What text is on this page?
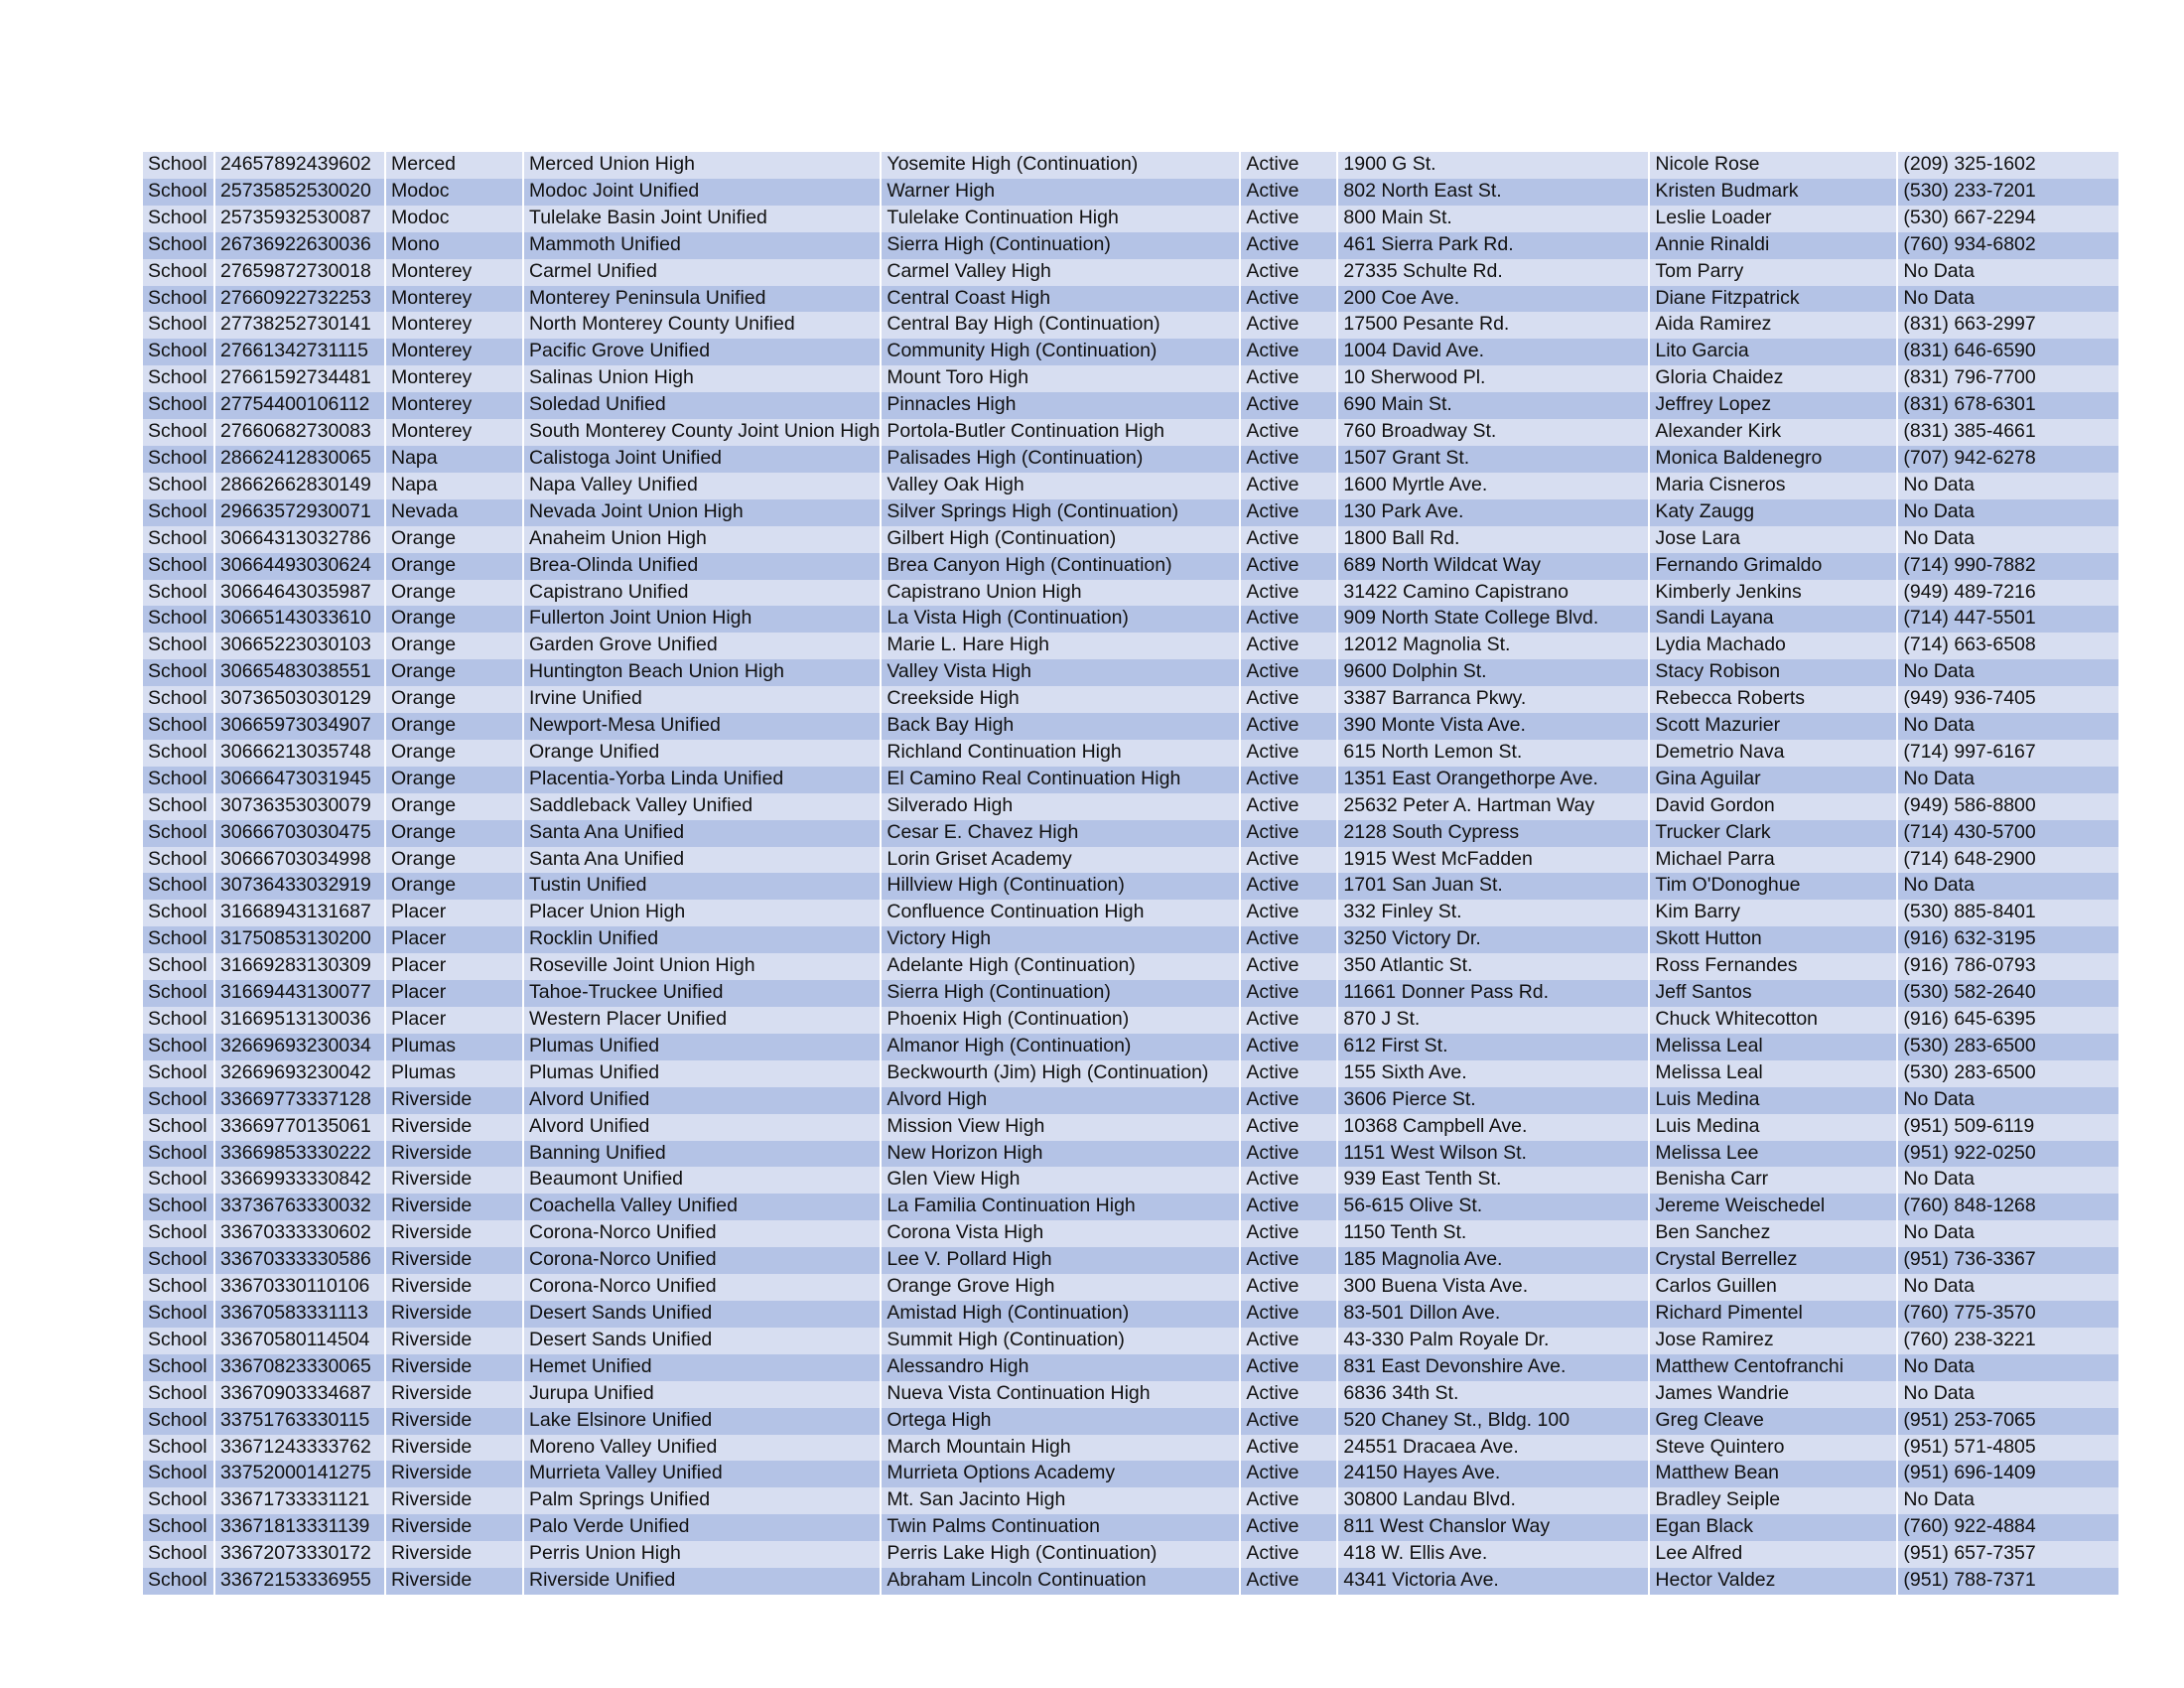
School	24657892439602	Merced	Merced Union High	Yosemite High (Continuation)	Active	1900 G St.	Nicole Rose	(209) 325-1602
School	25735852530020	Modoc	Modoc Joint Unified	Warner High	Active	802 North East St.	Kristen Budmark	(530) 233-7201
School	25735932530087	Modoc	Tulelake Basin Joint Unified	Tulelake Continuation High	Active	800 Main St.	Leslie Loader	(530) 667-2294
School	26736922630036	Mono	Mammoth Unified	Sierra High (Continuation)	Active	461 Sierra Park Rd.	Annie Rinaldi	(760) 934-6802
School	27659872730018	Monterey	Carmel Unified	Carmel Valley High	Active	27335 Schulte Rd.	Tom Parry	No Data
School	27660922732253	Monterey	Monterey Peninsula Unified	Central Coast High	Active	200 Coe Ave.	Diane Fitzpatrick	No Data
School	27738252730141	Monterey	North Monterey County Unified	Central Bay High (Continuation)	Active	17500 Pesante Rd.	Aida Ramirez	(831) 663-2997
School	27661342731115	Monterey	Pacific Grove Unified	Community High (Continuation)	Active	1004 David Ave.	Lito Garcia	(831) 646-6590
School	27661592734481	Monterey	Salinas Union High	Mount Toro High	Active	10 Sherwood Pl.	Gloria Chaidez	(831) 796-7700
School	27754400106112	Monterey	Soledad Unified	Pinnacles High	Active	690 Main St.	Jeffrey Lopez	(831) 678-6301
School	27660682730083	Monterey	South Monterey County Joint Union High	Portola-Butler Continuation High	Active	760 Broadway St.	Alexander Kirk	(831) 385-4661
School	28662412830065	Napa	Calistoga Joint Unified	Palisades High (Continuation)	Active	1507 Grant St.	Monica Baldenegro	(707) 942-6278
School	28662662830149	Napa	Napa Valley Unified	Valley Oak High	Active	1600 Myrtle Ave.	Maria Cisneros	No Data
School	29663572930071	Nevada	Nevada Joint Union High	Silver Springs High (Continuation)	Active	130 Park Ave.	Katy Zaugg	No Data
School	30664313032786	Orange	Anaheim Union High	Gilbert High (Continuation)	Active	1800 Ball Rd.	Jose Lara	No Data
School	30664493030624	Orange	Brea-Olinda Unified	Brea Canyon High (Continuation)	Active	689 North Wildcat Way	Fernando Grimaldo	(714) 990-7882
School	30664643035987	Orange	Capistrano Unified	Capistrano Union High	Active	31422 Camino Capistrano	Kimberly Jenkins	(949) 489-7216
School	30665143033610	Orange	Fullerton Joint Union High	La Vista High (Continuation)	Active	909 North State College Blvd.	Sandi Layana	(714) 447-5501
School	30665223030103	Orange	Garden Grove Unified	Marie L. Hare High	Active	12012 Magnolia St.	Lydia Machado	(714) 663-6508
School	30665483038551	Orange	Huntington Beach Union High	Valley Vista High	Active	9600 Dolphin St.	Stacy Robison	No Data
School	30736503030129	Orange	Irvine Unified	Creekside High	Active	3387 Barranca Pkwy.	Rebecca Roberts	(949) 936-7405
School	30665973034907	Orange	Newport-Mesa Unified	Back Bay High	Active	390 Monte Vista Ave.	Scott Mazurier	No Data
School	30666213035748	Orange	Orange Unified	Richland Continuation High	Active	615 North Lemon St.	Demetrio Nava	(714) 997-6167
School	30666473031945	Orange	Placentia-Yorba Linda Unified	El Camino Real Continuation High	Active	1351 East Orangethorpe Ave.	Gina Aguilar	No Data
School	30736353030079	Orange	Saddleback Valley Unified	Silverado High	Active	25632 Peter A. Hartman Way	David Gordon	(949) 586-8800
School	30666703030475	Orange	Santa Ana Unified	Cesar E. Chavez High	Active	2128 South Cypress	Trucker Clark	(714) 430-5700
School	30666703034998	Orange	Santa Ana Unified	Lorin Griset Academy	Active	1915 West McFadden	Michael Parra	(714) 648-2900
School	30736433032919	Orange	Tustin Unified	Hillview High (Continuation)	Active	1701 San Juan St.	Tim O'Donoghue	No Data
School	31668943131687	Placer	Placer Union High	Confluence Continuation High	Active	332 Finley St.	Kim Barry	(530) 885-8401
School	31750853130200	Placer	Rocklin Unified	Victory High	Active	3250 Victory Dr.	Skott Hutton	(916) 632-3195
School	31669283130309	Placer	Roseville Joint Union High	Adelante High (Continuation)	Active	350 Atlantic St.	Ross Fernandes	(916) 786-0793
School	31669443130077	Placer	Tahoe-Truckee Unified	Sierra High (Continuation)	Active	11661 Donner Pass Rd.	Jeff Santos	(530) 582-2640
School	31669513130036	Placer	Western Placer Unified	Phoenix High (Continuation)	Active	870 J St.	Chuck Whitecotton	(916) 645-6395
School	32669693230034	Plumas	Plumas Unified	Almanor High (Continuation)	Active	612 First St.	Melissa Leal	(530) 283-6500
School	32669693230042	Plumas	Plumas Unified	Beckwourth (Jim) High (Continuation)	Active	155 Sixth Ave.	Melissa Leal	(530) 283-6500
School	33669773337128	Riverside	Alvord Unified	Alvord High	Active	3606 Pierce St.	Luis Medina	No Data
School	33669770135061	Riverside	Alvord Unified	Mission View High	Active	10368 Campbell Ave.	Luis Medina	(951) 509-6119
School	33669853330222	Riverside	Banning Unified	New Horizon High	Active	1151 West Wilson St.	Melissa Lee	(951) 922-0250
School	33669933330842	Riverside	Beaumont Unified	Glen View High	Active	939 East Tenth St.	Benisha Carr	No Data
School	33736763330032	Riverside	Coachella Valley Unified	La Familia Continuation High	Active	56-615 Olive St.	Jereme Weischedel	(760) 848-1268
School	33670333330602	Riverside	Corona-Norco Unified	Corona Vista High	Active	1150 Tenth St.	Ben Sanchez	No Data
School	33670333330586	Riverside	Corona-Norco Unified	Lee V. Pollard High	Active	185 Magnolia Ave.	Crystal Berrellez	(951) 736-3367
School	33670330110106	Riverside	Corona-Norco Unified	Orange Grove High	Active	300 Buena Vista Ave.	Carlos Guillen	No Data
School	33670583331113	Riverside	Desert Sands Unified	Amistad High (Continuation)	Active	83-501 Dillon Ave.	Richard Pimentel	(760) 775-3570
School	33670580114504	Riverside	Desert Sands Unified	Summit High (Continuation)	Active	43-330 Palm Royale Dr.	Jose Ramirez	(760) 238-3221
School	33670823330065	Riverside	Hemet Unified	Alessandro High	Active	831 East Devonshire Ave.	Matthew Centofranchi	No Data
School	33670903334687	Riverside	Jurupa Unified	Nueva Vista Continuation High	Active	6836 34th St.	James Wandrie	No Data
School	33751763330115	Riverside	Lake Elsinore Unified	Ortega High	Active	520 Chaney St., Bldg. 100	Greg Cleave	(951) 253-7065
School	33671243333762	Riverside	Moreno Valley Unified	March Mountain High	Active	24551 Dracaea Ave.	Steve Quintero	(951) 571-4805
School	33752000141275	Riverside	Murrieta Valley Unified	Murrieta Options Academy	Active	24150 Hayes Ave.	Matthew Bean	(951) 696-1409
School	33671733331121	Riverside	Palm Springs Unified	Mt. San Jacinto High	Active	30800 Landau Blvd.	Bradley Seiple	No Data
School	33671813331139	Riverside	Palo Verde Unified	Twin Palms Continuation	Active	811 West Chanslor Way	Egan Black	(760) 922-4884
School	33672073330172	Riverside	Perris Union High	Perris Lake High (Continuation)	Active	418 W. Ellis Ave.	Lee Alfred	(951) 657-7357
School	33672153336955	Riverside	Riverside Unified	Abraham Lincoln Continuation	Active	4341 Victoria Ave.	Hector Valdez	(951) 788-7371
